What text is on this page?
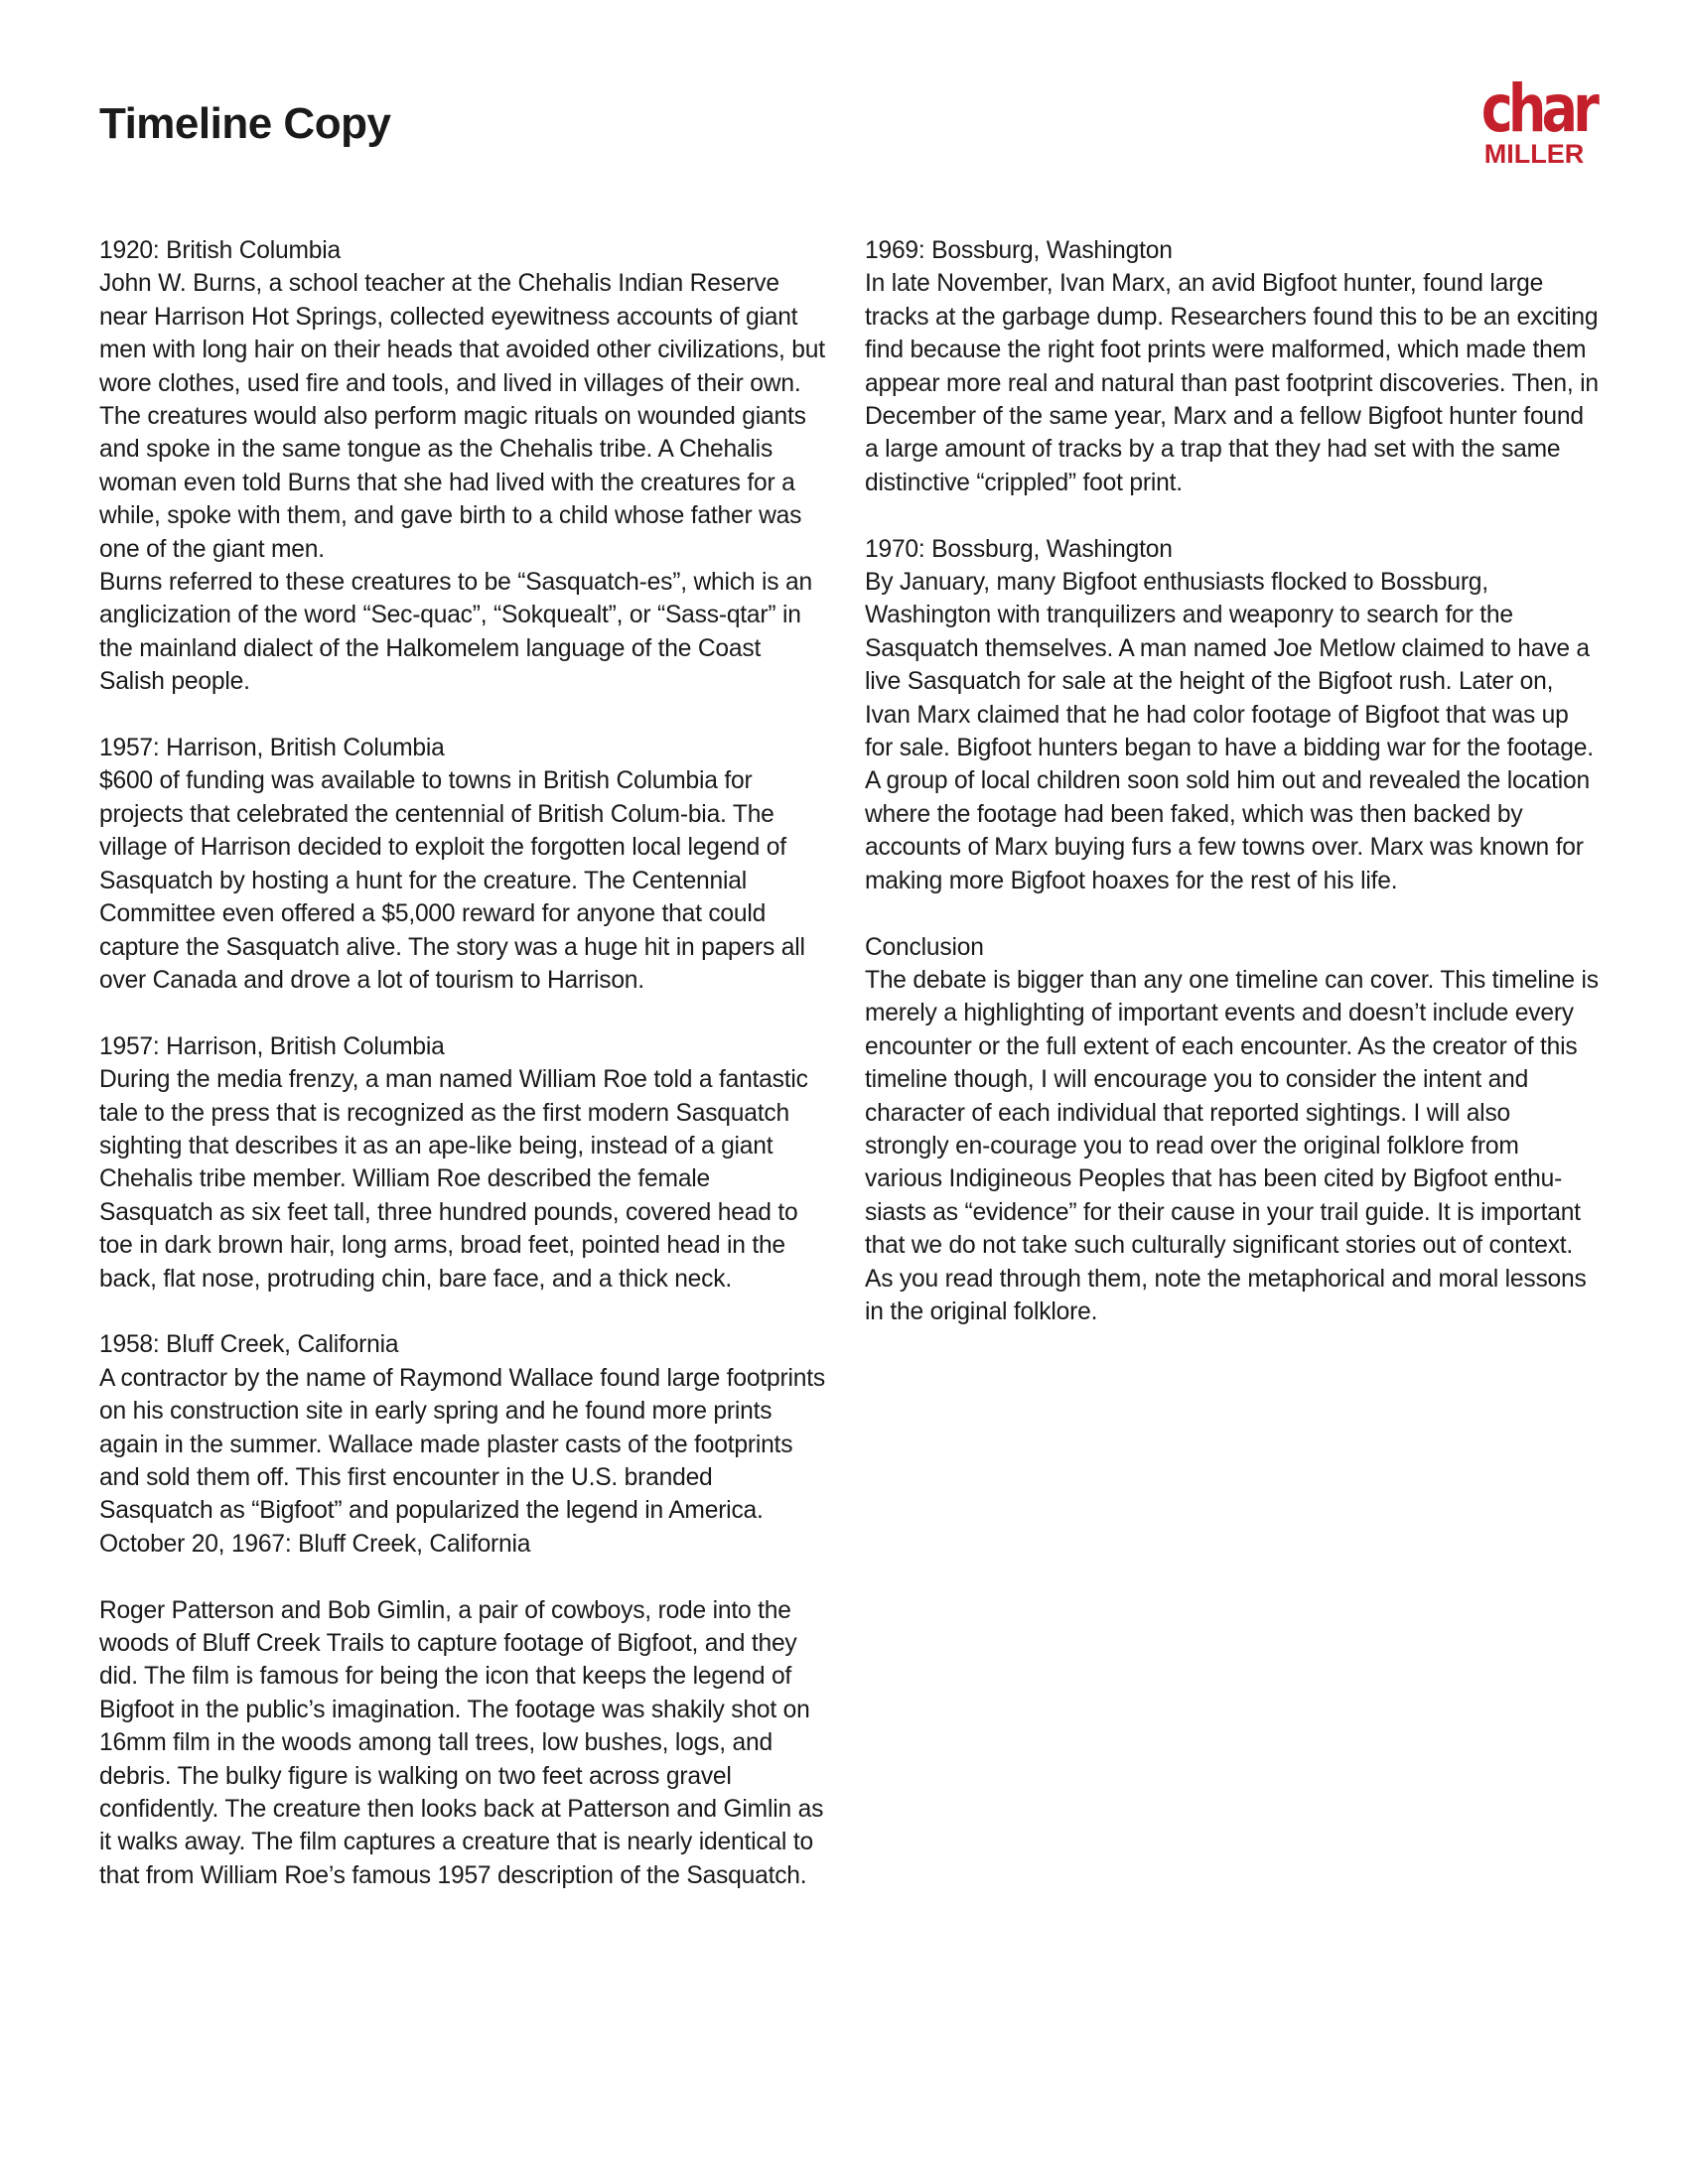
Timeline Copy	char
MILLER

1920: British Columbia

John W. Burns, a school teacher at the Chehalis Indian Reserve near Harrison Hot Springs, collected eyewitness accounts of giant men with long hair on their heads that avoided other civilizations, but wore clothes, used fire and tools, and lived in villages of their own. The creatures would also perform magic rituals on wounded giants and spoke in the same tongue as the Chehalis tribe. A Chehalis woman even told Burns that she had lived with the creatures for a while, spoke with them, and gave birth to a child whose father was one of the giant men.

Burns referred to these creatures to be “Sasquatch-es”, which is an anglicization of the word “Sec-quac”, “Sokquealt”, or “Sass-qtar” in the mainland dialect of the Halkomelem language of the Coast Salish people.

1957: Harrison, British Columbia

$600 of funding was available to towns in British Columbia for projects that celebrated the centennial of British Colum-bia. The village of Harrison decided to exploit the forgotten local legend of Sasquatch by hosting a hunt for the creature. The Centennial Committee even offered a $5,000 reward for anyone that could capture the Sasquatch alive. The story was a huge hit in papers all over Canada and drove a lot of tourism to Harrison.

1957: Harrison, British Columbia

During the media frenzy, a man named William Roe told a fantastic tale to the press that is recognized as the first modern Sasquatch sighting that describes it as an ape-like being, instead of a giant Chehalis tribe member. William Roe described the female Sasquatch as six feet tall, three hundred pounds, covered head to toe in dark brown hair, long arms, broad feet, pointed head in the back, flat nose, protruding chin, bare face, and a thick neck.

1958: Bluff Creek, California

A contractor by the name of Raymond Wallace found large footprints on his construction site in early spring and he found more prints again in the summer. Wallace made plaster casts of the footprints and sold them off. This first encounter in the U.S. branded Sasquatch as “Bigfoot” and popularized the legend in America.

October 20, 1967: Bluff Creek, California

Roger Patterson and Bob Gimlin, a pair of cowboys, rode into the woods of Bluff Creek Trails to capture footage of Bigfoot, and they did. The film is famous for being the icon that keeps the legend of Bigfoot in the public’s imagination. The footage was shakily shot on 16mm film in the woods among tall trees, low bushes, logs, and debris. The bulky figure is walking on two feet across gravel confidently. The creature then looks back at Patterson and Gimlin as it walks away. The film captures a creature that is nearly identical to that from William Roe’s famous 1957 description of the Sasquatch.

1969: Bossburg, Washington

In late November, Ivan Marx, an avid Bigfoot hunter, found large tracks at the garbage dump. Researchers found this to be an exciting find because the right foot prints were malformed, which made them appear more real and natural than past footprint discoveries. Then, in December of the same year, Marx and a fellow Bigfoot hunter found a large amount of tracks by a trap that they had set with the same distinctive “crippled” foot print.

1970: Bossburg, Washington

By January, many Bigfoot enthusiasts flocked to Bossburg, Washington with tranquilizers and weaponry to search for the Sasquatch themselves. A man named Joe Metlow claimed to have a live Sasquatch for sale at the height of the Bigfoot rush. Later on, Ivan Marx claimed that he had color footage of Bigfoot that was up for sale. Bigfoot hunters began to have a bidding war for the footage. A group of local children soon sold him out and revealed the location where the footage had been faked, which was then backed by accounts of Marx buying furs a few towns over. Marx was known for making more Bigfoot hoaxes for the rest of his life.

Conclusion

The debate is bigger than any one timeline can cover. This timeline is merely a highlighting of important events and doesn’t include every encounter or the full extent of each encounter. As the creator of this timeline though, I will encourage you to consider the intent and character of each individual that reported sightings. I will also strongly en-courage you to read over the original folklore from various Indigineous Peoples that has been cited by Bigfoot enthu-siasts as “evidence” for their cause in your trail guide. It is important that we do not take such culturally significant stories out of context. As you read through them, note the metaphorical and moral lessons in the original folklore.
